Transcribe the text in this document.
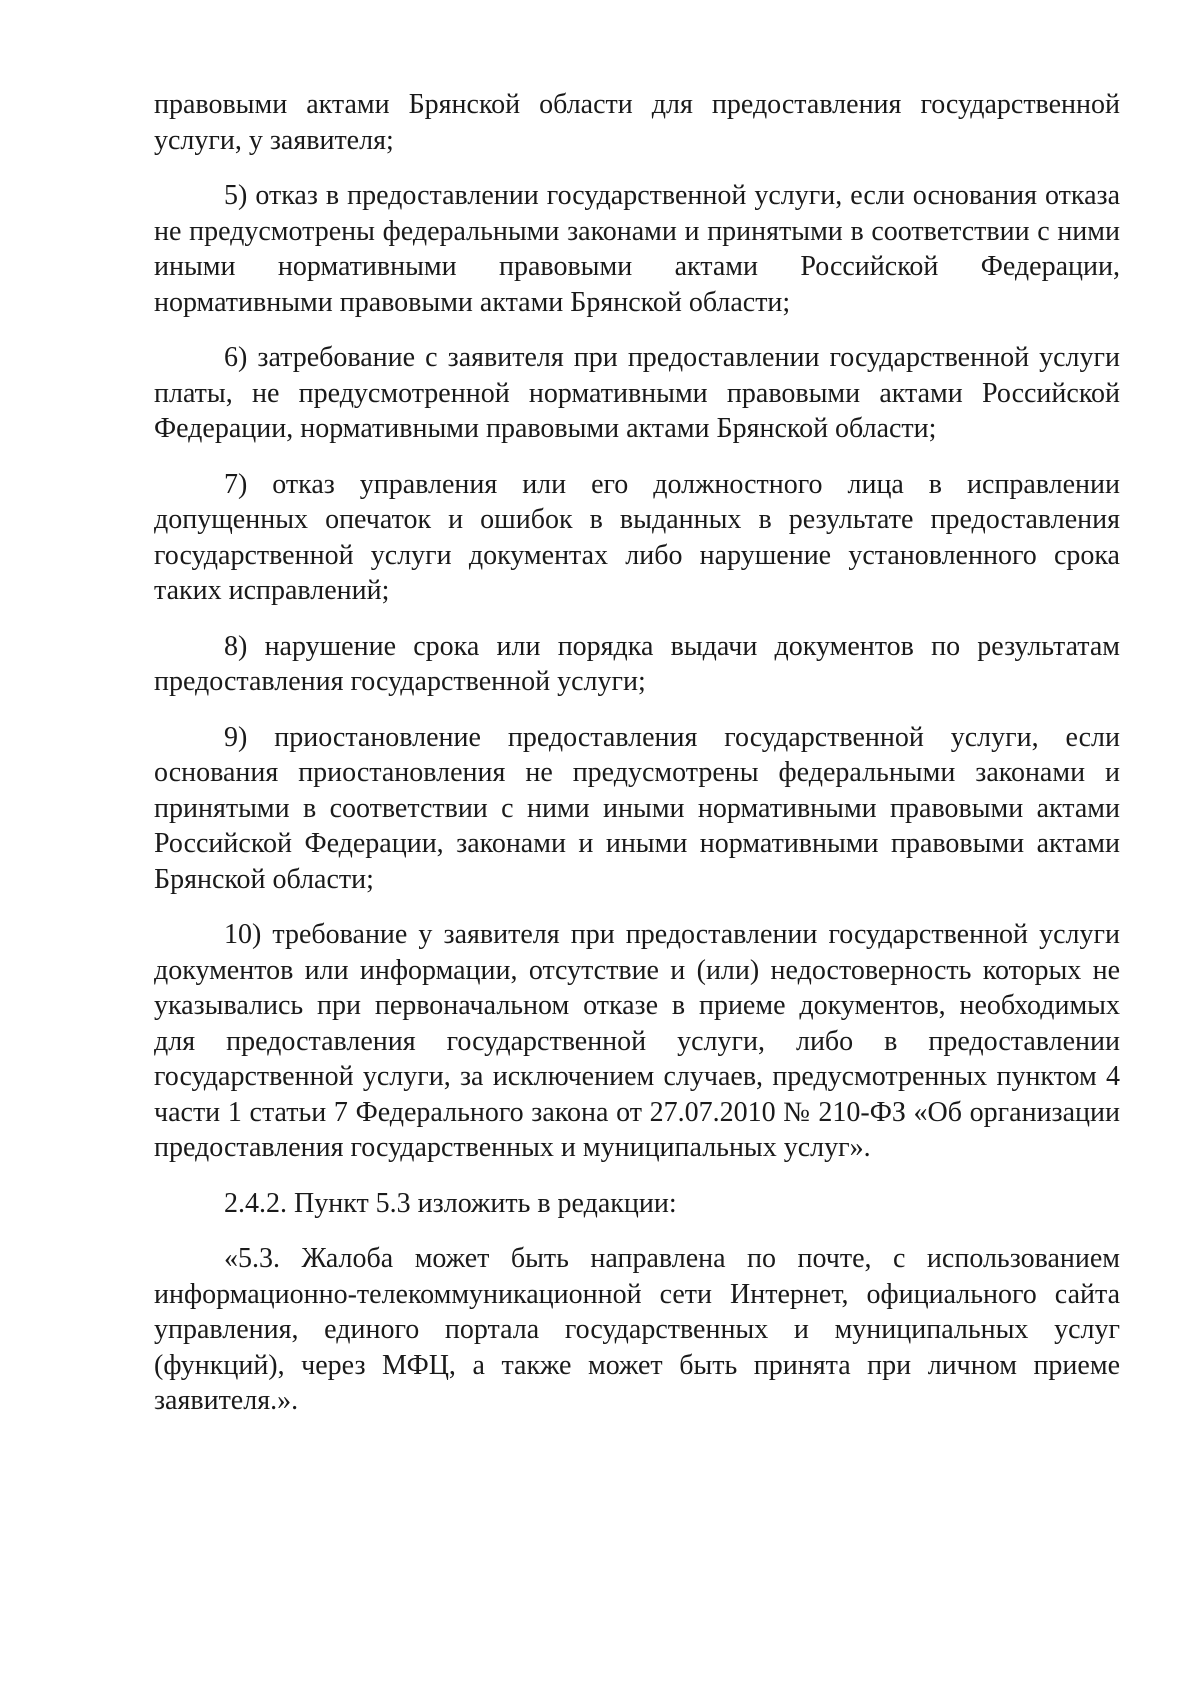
правовыми актами Брянской области для предоставления государственной услуги, у заявителя;

5) отказ в предоставлении государственной услуги, если основания отказа не предусмотрены федеральными законами и принятыми в соответствии с ними иными нормативными правовыми актами Российской Федерации, нормативными правовыми актами Брянской области;

6) затребование с заявителя при предоставлении государственной услуги платы, не предусмотренной нормативными правовыми актами Российской Федерации, нормативными правовыми актами Брянской области;

7) отказ управления или его должностного лица в исправлении допущенных опечаток и ошибок в выданных в результате предоставления государственной услуги документах либо нарушение установленного срока таких исправлений;

8) нарушение срока или порядка выдачи документов по результатам предоставления государственной услуги;

9) приостановление предоставления государственной услуги, если основания приостановления не предусмотрены федеральными законами и принятыми в соответствии с ними иными нормативными правовыми актами Российской Федерации, законами и иными нормативными правовыми актами Брянской области;

10) требование у заявителя при предоставлении государственной услуги документов или информации, отсутствие и (или) недостоверность которых не указывались при первоначальном отказе в приеме документов, необходимых для предоставления государственной услуги, либо в предоставлении государственной услуги, за исключением случаев, предусмотренных пунктом 4 части 1 статьи 7 Федерального закона от 27.07.2010 № 210-ФЗ «Об организации предоставления государственных и муниципальных услуг».

2.4.2. Пункт 5.3 изложить в редакции:

«5.3. Жалоба может быть направлена по почте, с использованием информационно-телекоммуникационной сети Интернет, официального сайта управления, единого портала государственных и муниципальных услуг (функций), через МФЦ, а также может быть принята при личном приеме заявителя.».
